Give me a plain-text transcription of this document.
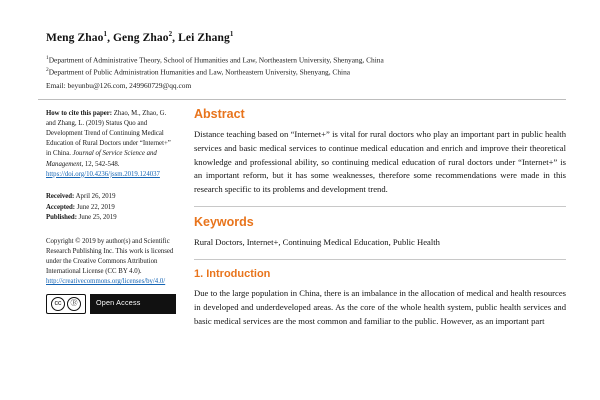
Meng Zhao$^1$, Geng Zhao$^2$, Lei Zhang$^1$
$^1$Department of Administrative Theory, School of Humanities and Law, Northeastern University, Shenyang, China
$^2$Department of Public Administration Humanities and Law, Northeastern University, Shenyang, China
Email: beyunbu@126.com, 249960729@qq.com
How to cite this paper: Zhao, M., Zhao, G. and Zhang, L. (2019) Status Quo and Development Trend of Continuing Medical Education of Rural Doctors under “Internet+” in China. Journal of Service Science and Management, 12, 542-548.
https://doi.org/10.4236/jssm.2019.124037
Received: April 26, 2019
Accepted: June 22, 2019
Published: June 25, 2019
Copyright © 2019 by author(s) and Scientific Research Publishing Inc. This work is licensed under the Creative Commons Attribution International License (CC BY 4.0). http://creativecommons.org/licenses/by/4.0/
cc	Ⓑ	Open Access
Abstract

Distance teaching based on “Internet+” is vital for rural doctors who play an important part in public health services and basic medical services to continue medical education and enrich and improve their theoretical knowledge and professional ability, so continuing medical education of rural doctors under “Internet+” is an important reform, but it has some weaknesses, therefore some recommendations were made in this research specific to its problems and development trend.

Keywords

Rural Doctors, Internet+, Continuing Medical Education, Public Health

1. Introduction

Due to the large population in China, there is an imbalance in the allocation of medical and health resources in developed and underdeveloped areas. As the core of the whole health system, public health services and basic medical services are the most common and familiar to the public. However, as an important part
